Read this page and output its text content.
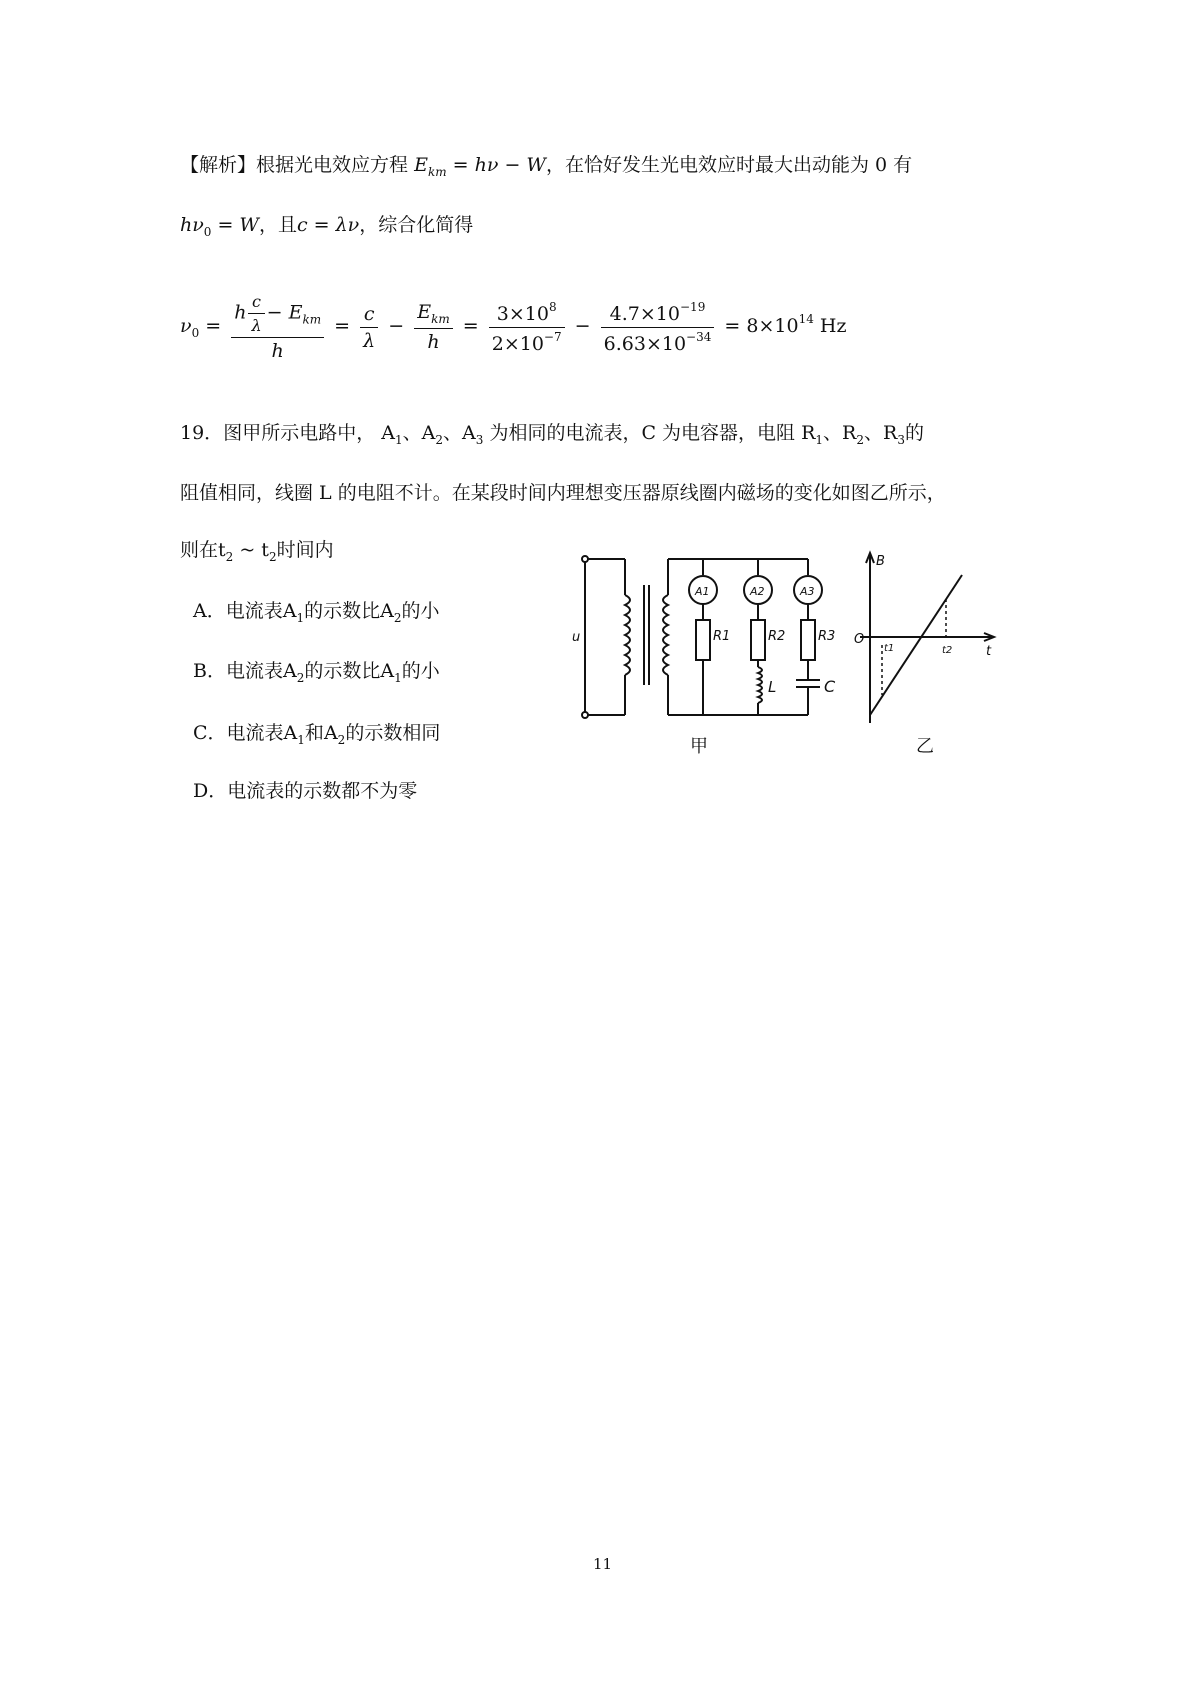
【解析】根据光电效应方程 $E_{km} = h\nu - W$，在恰好发生光电效应时最大出动能为 0 有
$h\nu_0 = W$，且c = λν，综合化简得
$\nu_0 = \frac{h \frac{c}{\lambda} - E_{km}}{h} = \frac{c}{\lambda} - \frac{E_{km}}{h} = \frac{3\times 10^8}{2\times 10^{-7}} - \frac{4.7\times 10^{-19}}{6.63\times 10^{-34}} = 8\times 10^{14}$ Hz
19．图甲所示电路中， $A_1$、$A_2$、$A_3$ 为相同的电流表，C 为电容器，电阻 $R_1$、$R_2$、$R_3$的
阻值相同，线圈 L 的电阻不计。在某段时间内理想变压器原线圈内磁场的变化如图乙所示，
则在$t_2$ ~ $t_2$时间内
A．电流表$A_1$的示数比$A_2$的小
B．电流表$A_2$的示数比$A_1$的小
C．电流表$A_1$和$A_2$的示数相同
D．电流表的示数都不为零
u
A1	A2	A3
R1	R2	R3
L	C
甲
B
t
O
t1	t2
乙
11
